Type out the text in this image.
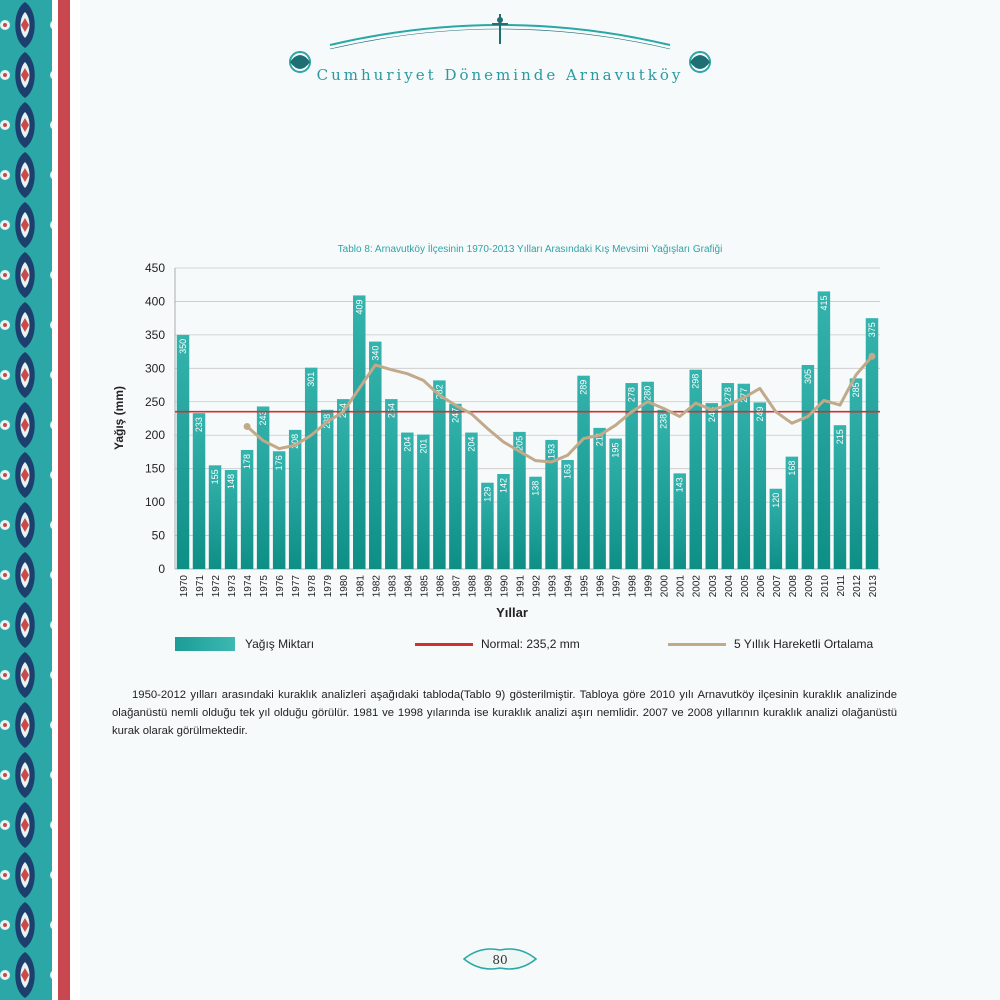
Cumhuriyet Döneminde Arnavutköy
Tablo 8: Arnavutköy İlçesinin 1970-2013 Yılları Arasındaki Kış Mevsimi Yağışları Grafiği
0
50
100
150
200
250
300
350
400
450
350
233
155 148
178
243
176
208
301
238
254
409
340
254
204 201
282
247
204
129
142
205
138
193
163
289
211
195
278 280
238
143
298
248
278 277
249
120
168
305
415
215
285
375
1970 1971 1972 1973 1974 1975 1976 1977 1978 1979 1980 1981 1982 1983 1984 1985 1986 1987 1988 1989 1990 1991 1992 1993 1994 1995 1996 1997 1998 1999 2000 2001 2002 2003 2004 2005 2006 2007 2008 2009 2010 2011 2012 2013
Yıllar
Yağış (mm)
Yağış Miktarı	Normal: 235,2 mm	5 Yıllık Hareketli Ortalama
1950-2012 yılları arasındaki kuraklık analizleri aşağıdaki tabloda(Tablo 9) gösterilmiştir. Tabloya göre 2010 yılı Arnavutköy ilçesinin kuraklık analizinde olağanüstü nemli olduğu tek yıl olduğu görülür. 1981 ve 1998 yılarında ise kuraklık analizi aşırı nemlidir. 2007 ve 2008 yıllarının kuraklık analizi olağanüstü kurak olarak görülmektedir.
80
